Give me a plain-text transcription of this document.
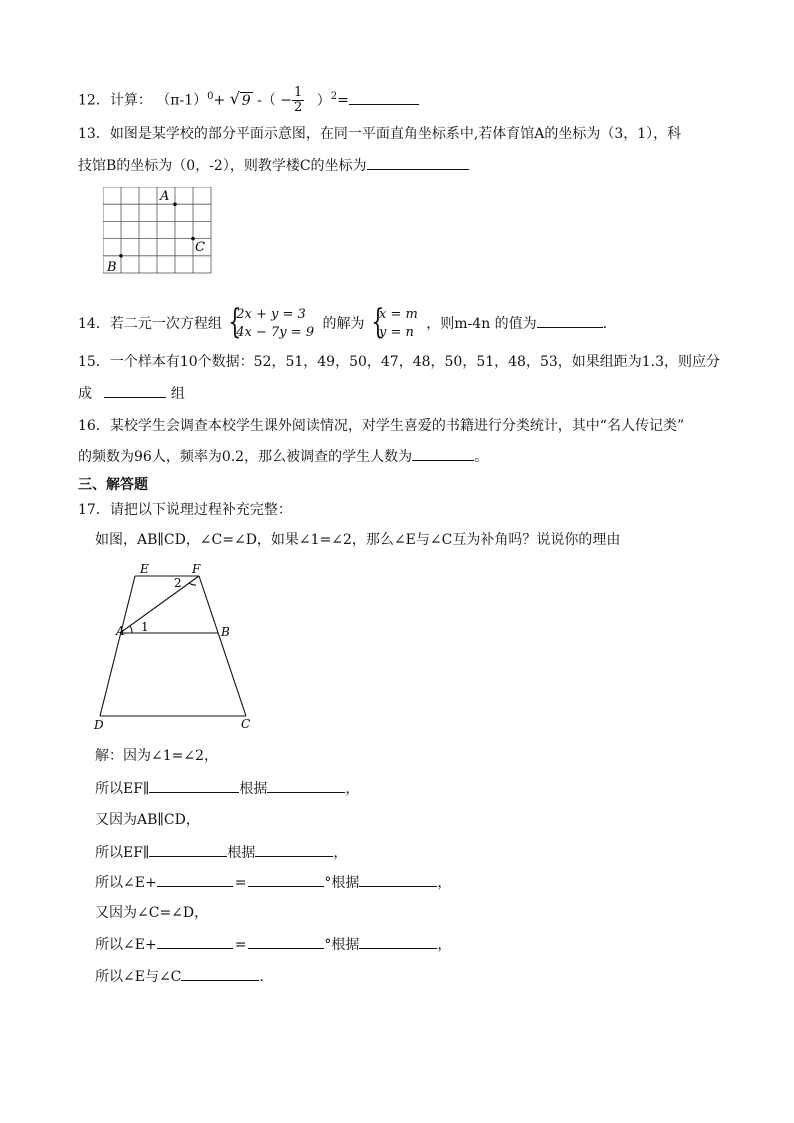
12．计算： $(\pi-1)^0+$ √ 9 -（ − $\frac{1}{2} )^2=$
13．如图是某学校的部分平面示意图，在同一平面直角坐标系中,若体育馆A的坐标为（3，1），科
技馆B的坐标为（0，-2），则教学楼C的坐标为
A
C
B
14．若二元一次方程组 {
2x + y = 3
4x − 7y = 9
的解为 {
x = m
y = n
，则m-4n 的值为	.
15．一个样本有10个数据：52，51，49，50，47，48，50，51，48，53，如果组距为1.3，则应分
成	组
16．某校学生会调查本校学生课外阅读情况，对学生喜爱的书籍进行分类统计，其中“名人传记类”
的频数为96人，频率为0.2，那么被调查的学生人数为	。
三、解答题
17．请把以下说理过程补充完整：
如图，AB∥CD，∠C=∠D，如果∠1=∠2，那么∠E与∠C互为补角吗？说说你的理由
E	F
A	B
D	C
1
2
解：因为∠1=∠2，
所以EF∥	根据	，
又因为AB∥CD，
所以EF∥	根据	，
所以∠E+	=	°根据	，
又因为∠C=∠D，
所以∠E+	=	°根据	，
所以∠E与∠C	.
